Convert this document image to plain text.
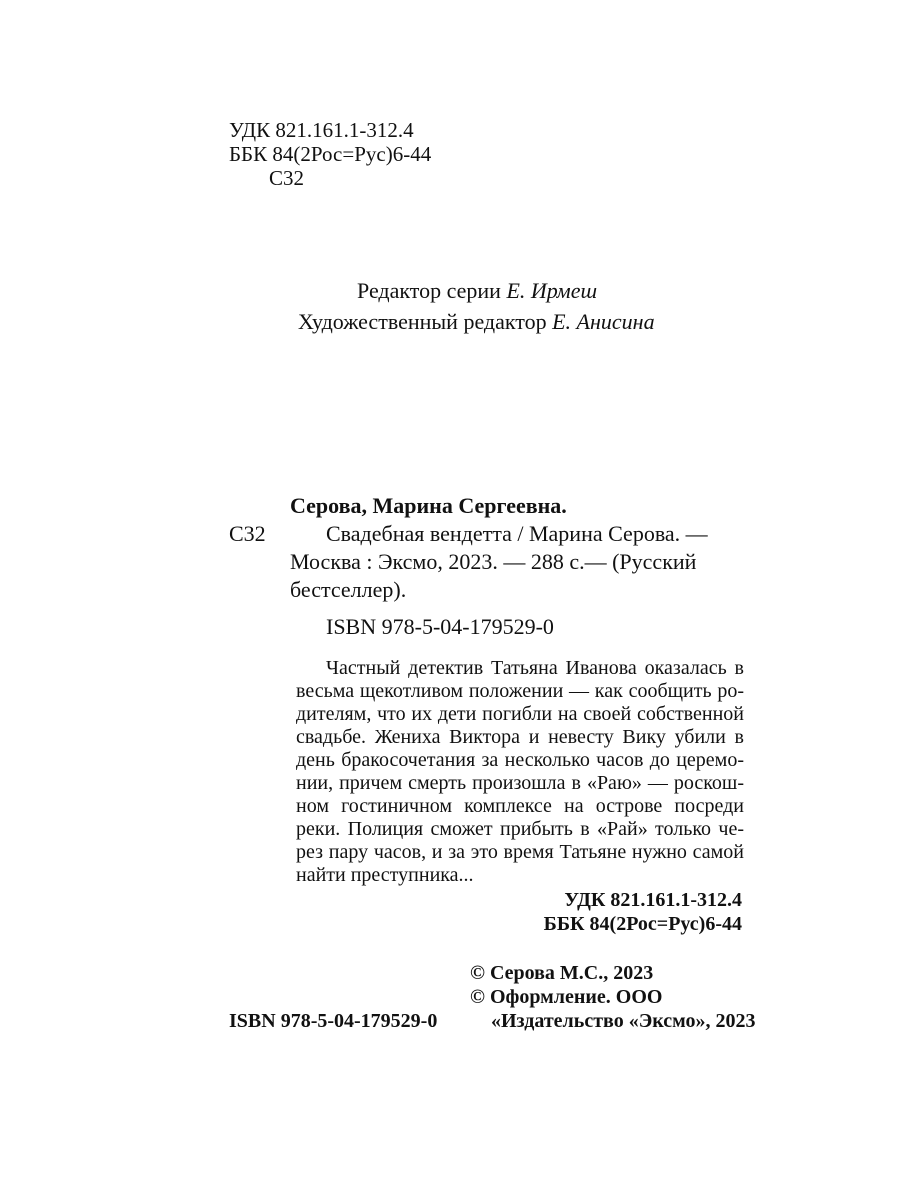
УДК 821.161.1-312.4
ББК 84(2Рос=Рус)6-44
С32
Редактор серии Е. Ирмеш
Художественный редактор Е. Анисина
Серова, Марина Сергеевна.
С32	Свадебная вендетта / Марина Серова. —
Москва : Эксмо, 2023. — 288 с.— (Русский
бестселлер).
ISBN 978-5-04-179529-0
Частный детектив Татьяна Иванова оказалась в
весьма щекотливом положении — как сообщить ро-
дителям, что их дети погибли на своей собственной
свадьбе. Жениха Виктора и невесту Вику убили в
день бракосочетания за несколько часов до церемо-
нии, причем смерть произошла в «Раю» — роскош-
ном гостиничном комплексе на острове посреди
реки. Полиция сможет прибыть в «Рай» только че-
рез пару часов, и за это время Татьяне нужно самой
найти преступника...
УДК 821.161.1-312.4
ББК 84(2Рос=Рус)6-44
© Серова М.С., 2023
© Оформление. ООО
ISBN 978-5-04-179529-0	«Издательство «Эксмо», 2023
